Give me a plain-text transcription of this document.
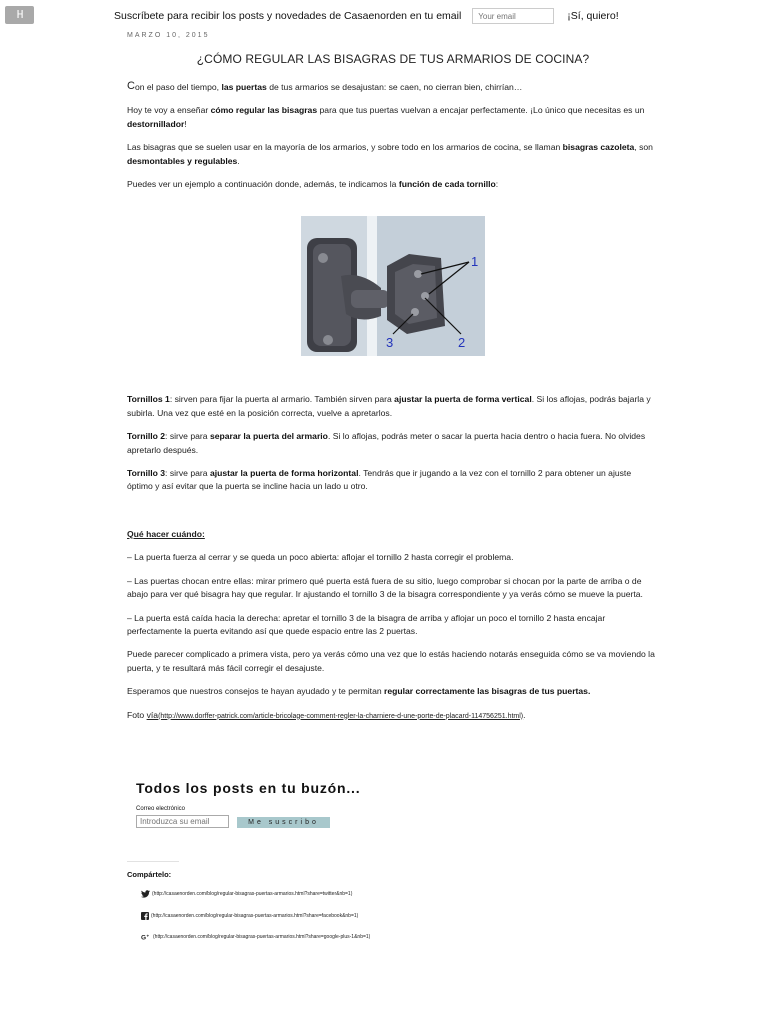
H	Suscríbete para recibir los posts y novedades de Casaenorden en tu email
Your email	¡Sí, quiero!
MARZO 10, 2015
¿CÓMO REGULAR LAS BISAGRAS DE TUS ARMARIOS DE COCINA?

Con el paso del tiempo, las puertas de tus armarios se desajustan: se caen, no cierran bien, chirrían…

Hoy te voy a enseñar cómo regular las bisagras para que tus puertas vuelvan a encajar perfectamente. ¡Lo único que necesitas es un destornillador!

Las bisagras que se suelen usar en la mayoría de los armarios, y sobre todo en los armarios de cocina, se llaman bisagras cazoleta, son desmontables y regulables.

Puedes ver un ejemplo a continuación donde, además, te indicamos la función de cada tornillo:

1
2
3

Tornillos 1: sirven para fijar la puerta al armario. También sirven para ajustar la puerta de forma vertical. Si los aflojas, podrás bajarla y subirla. Una vez que esté en la posición correcta, vuelve a apretarlos.

Tornillo 2: sirve para separar la puerta del armario. Si lo aflojas, podrás meter o sacar la puerta hacia dentro o hacia fuera. No olvides apretarlo después.

Tornillo 3: sirve para ajustar la puerta de forma horizontal. Tendrás que ir jugando a la vez con el tornillo 2 para obtener un ajuste óptimo y así evitar que la puerta se incline hacia un lado u otro.

Qué hacer cuándo:

– La puerta fuerza al cerrar y se queda un poco abierta: aflojar el tornillo 2 hasta corregir el problema.

– Las puertas chocan entre ellas: mirar primero qué puerta está fuera de su sitio, luego comprobar si chocan por la parte de arriba o de abajo para ver qué bisagra hay que regular. Ir ajustando el tornillo 3 de la bisagra correspondiente y ya verás cómo se mueve la puerta.

– La puerta está caída hacia la derecha: apretar el tornillo 3 de la bisagra de arriba y aflojar un poco el tornillo 2 hasta encajar perfectamente la puerta evitando así que quede espacio entre las 2 puertas.

Puede parecer complicado a primera vista, pero ya verás cómo una vez que lo estás haciendo notarás enseguida cómo se va moviendo la puerta, y te resultará más fácil corregir el desajuste.

Esperamos que nuestros consejos te hayan ayudado y te permitan regular correctamente las bisagras de tus puertas.

Foto vía(http://www.dorffer-patrick.com/article-bricolage-comment-regler-la-charniere-d-une-porte-de-placard-114756251.html).

Todos los posts en tu buzón...
Correo electrónico
Introduzca su email
Me suscribo
Compártelo:
(http://casaenorden.com/blog/regular-bisagras-puertas-armarios.html?share=twitter&nb=1)
(http://casaenorden.com/blog/regular-bisagras-puertas-armarios.html?share=facebook&nb=1)
G + (http://casaenorden.com/blog/regular-bisagras-puertas-armarios.html?share=google-plus-1&nb=1)
